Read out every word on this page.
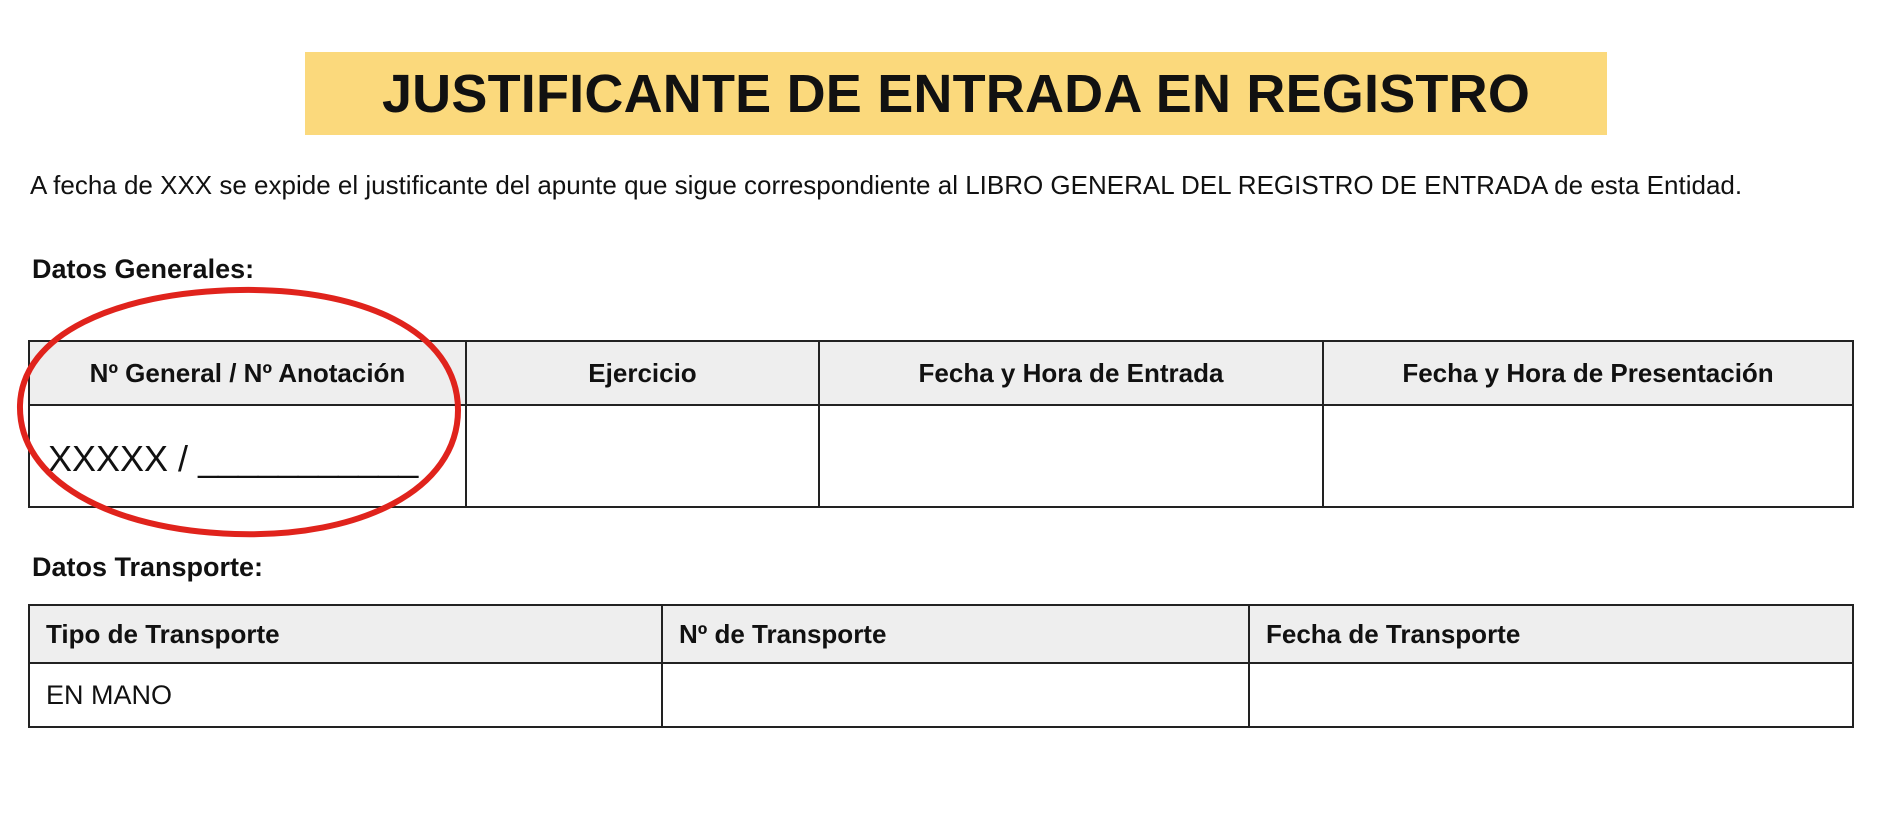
JUSTIFICANTE DE ENTRADA EN REGISTRO
A fecha de XXX se expide el justificante del apunte que sigue correspondiente al LIBRO GENERAL DEL REGISTRO DE ENTRADA de esta Entidad.
Datos Generales:
Nº General / Nº Anotación	Ejercicio	Fecha y Hora de Entrada	Fecha y Hora de Presentación
XXXXX / ___________			
Datos Transporte:
Tipo de Transporte	Nº de Transporte	Fecha de Transporte
EN MANO		
